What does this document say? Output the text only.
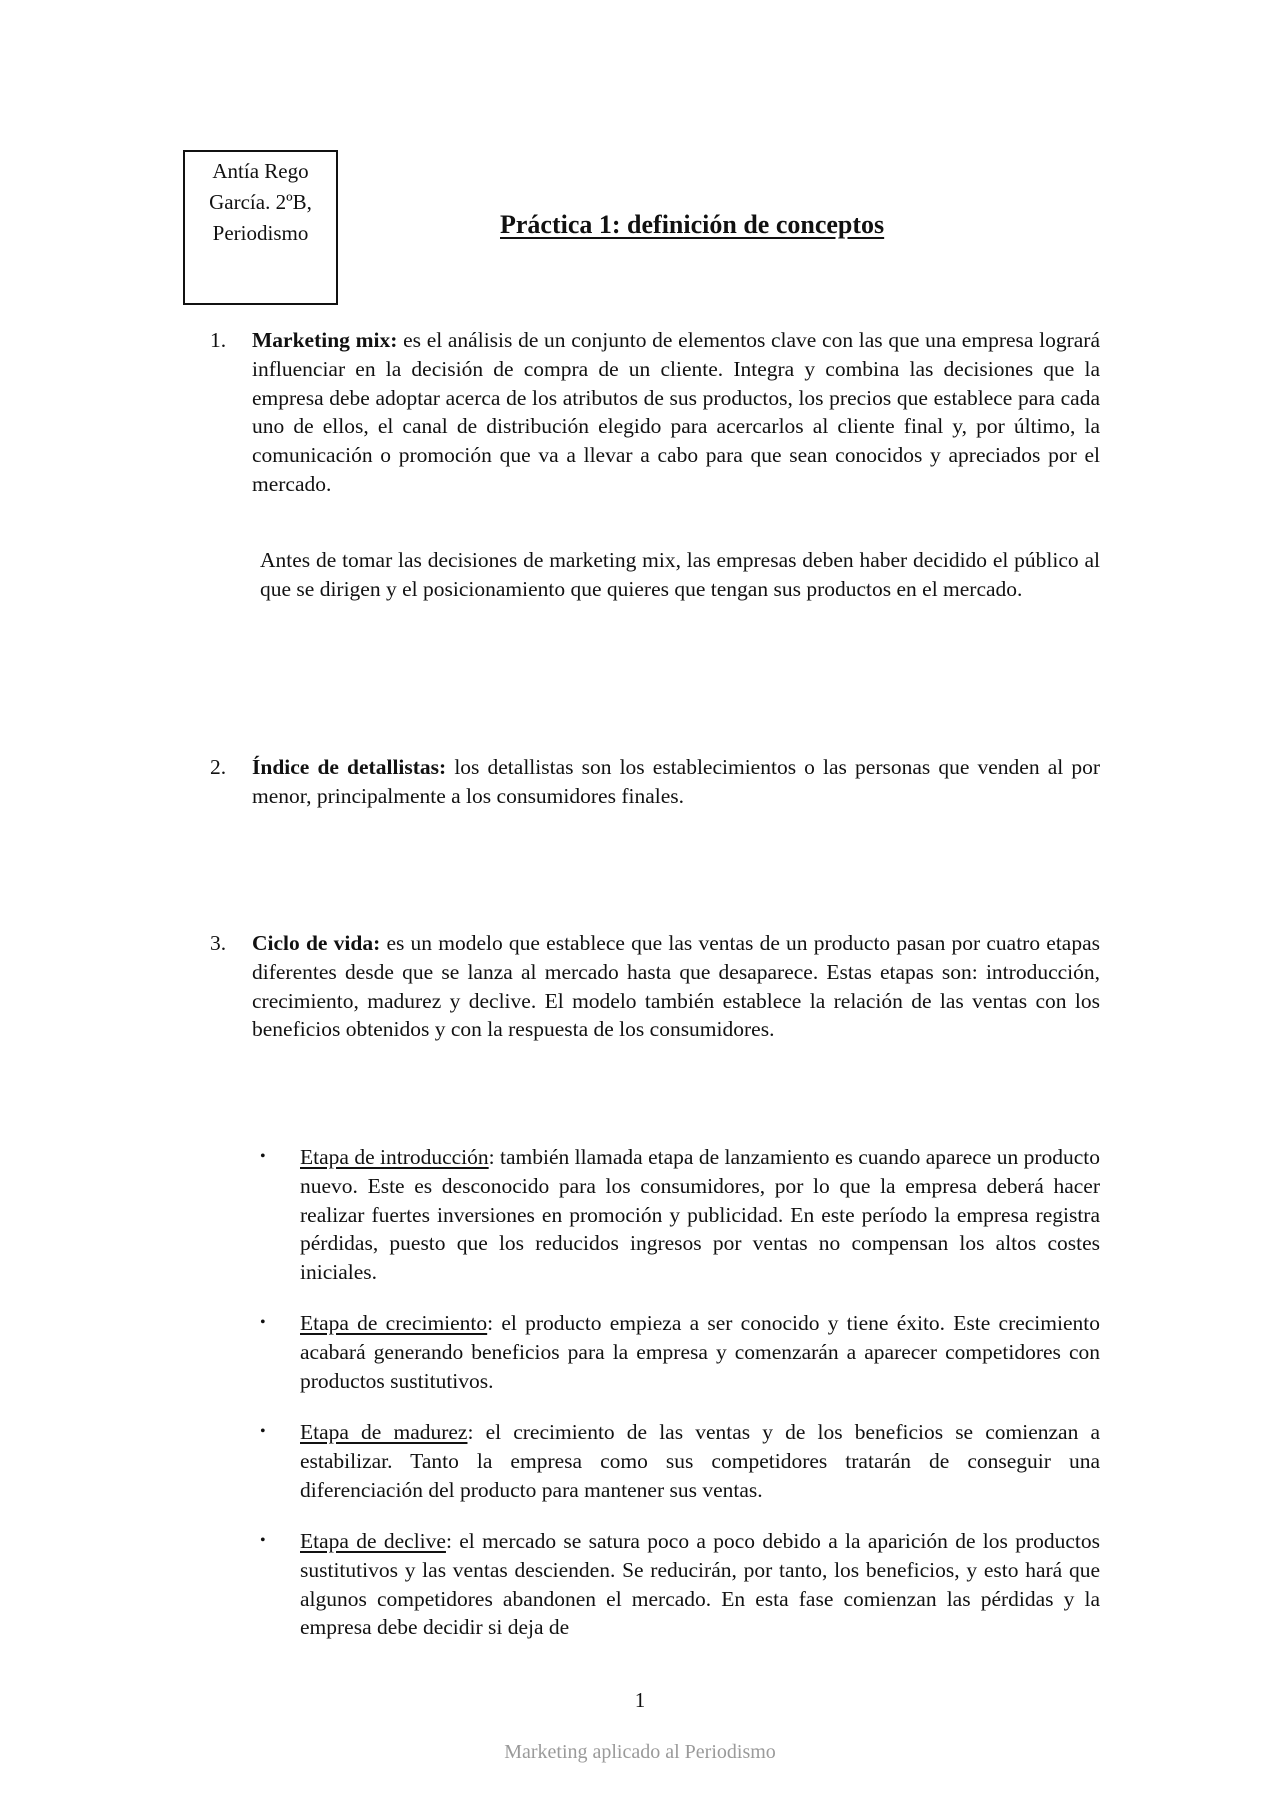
Antía Rego
García. 2ºB,
Periodismo	Práctica 1: definición de conceptos
1.	Marketing mix: es el análisis de un conjunto de elementos clave con las que una empresa logrará influenciar en la decisión de compra de un cliente. Integra y combina las decisiones que la empresa debe adoptar acerca de los atributos de sus productos, los precios que establece para cada uno de ellos, el canal de distribución elegido para acercarlos al cliente final y, por último, la comunicación o promoción que va a llevar a cabo para que sean conocidos y apreciados por el mercado.
Antes de tomar las decisiones de marketing mix, las empresas deben haber decidido el público al que se dirigen y el posicionamiento que quieres que tengan sus productos en el mercado.
2.	Índice de detallistas: los detallistas son los establecimientos o las personas que venden al por menor, principalmente a los consumidores finales.
3.	Ciclo de vida: es un modelo que establece que las ventas de un producto pasan por cuatro etapas diferentes desde que se lanza al mercado hasta que desaparece. Estas etapas son: introducción, crecimiento, madurez y declive. El modelo también establece la relación de las ventas con los beneficios obtenidos y con la respuesta de los consumidores.
• Etapa de introducción: también llamada etapa de lanzamiento es cuando aparece un producto nuevo. Este es desconocido para los consumidores, por lo que la empresa deberá hacer realizar fuertes inversiones en promoción y publicidad. En este período la empresa registra pérdidas, puesto que los reducidos ingresos por ventas no compensan los altos costes iniciales.
• Etapa de crecimiento: el producto empieza a ser conocido y tiene éxito. Este crecimiento acabará generando beneficios para la empresa y comenzarán a aparecer competidores con productos sustitutivos.
• Etapa de madurez: el crecimiento de las ventas y de los beneficios se comienzan a estabilizar. Tanto la empresa como sus competidores tratarán de conseguir una diferenciación del producto para mantener sus ventas.
• Etapa de declive: el mercado se satura poco a poco debido a la aparición de los productos sustitutivos y las ventas descienden. Se reducirán, por tanto, los beneficios, y esto hará que algunos competidores abandonen el mercado. En esta fase comienzan las pérdidas y la empresa debe decidir si deja de
1
Marketing aplicado al Periodismo
